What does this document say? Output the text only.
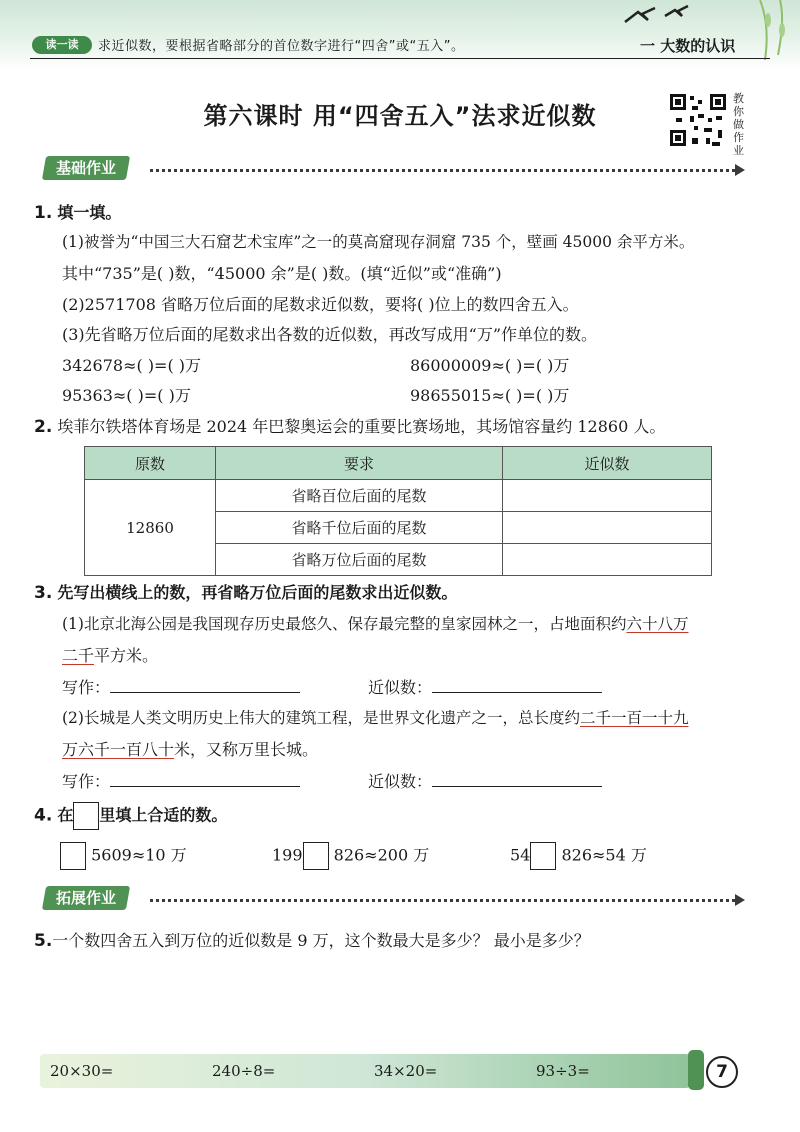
读一读	求近似数，要根据省略部分的首位数字进行“四舍”或“五入”。	一 大数的认识
第六课时 用“四舍五入”法求近似数
教你做作业
基础作业
1. 填一填。
(1)被誉为“中国三大石窟艺术宝库”之一的莫高窟现存洞窟 735 个，壁画 45000 余平方米。
其中“735”是( )数，“45000 余”是( )数。(填“近似”或“准确”)
(2)2571708 省略万位后面的尾数求近似数，要将( )位上的数四舍五入。
(3)先省略万位后面的尾数求出各数的近似数，再改写成用“万”作单位的数。
342678≈( )=( )万	86000009≈( )=( )万
95363≈( )=( )万	98655015≈( )=( )万
2. 埃菲尔铁塔体育场是 2024 年巴黎奥运会的重要比赛场地，其场馆容量约 12860 人。
原数	要求	近似数
12860	省略百位后面的尾数	
	省略千位后面的尾数	
	省略万位后面的尾数	
3. 先写出横线上的数，再省略万位后面的尾数求出近似数。
(1)北京北海公园是我国现存历史最悠久、保存最完整的皇家园林之一，占地面积约六十八万
二千平方米。
写作：	近似数：
(2)长城是人类文明历史上伟大的建筑工程，是世界文化遗产之一，总长度约二千一百一十九
万六千一百八十米，又称万里长城。
写作：	近似数：
4. 在 里填上合适的数。
5609≈10 万	199 826≈200 万	54 826≈54 万
拓展作业
5.一个数四舍五入到万位的近似数是 9 万，这个数最大是多少？ 最小是多少？
20×30=	240÷8=	34×20=	93÷3=	7
